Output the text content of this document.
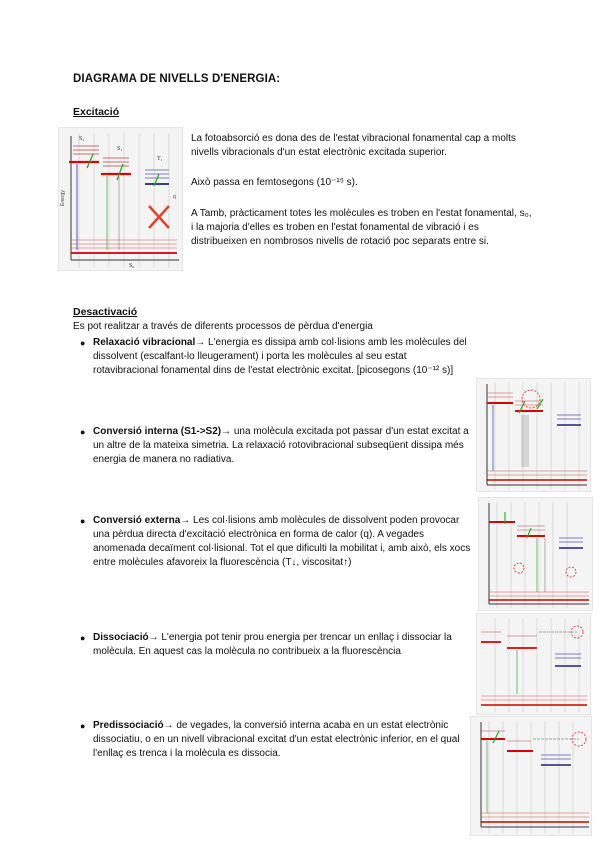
DIAGRAMA DE NIVELLS D'ENERGIA:
Excitació
Energy
S₂
S₁
T₁
q
S₀
La fotoabsorció es dona des de l'estat vibracional fonamental cap a molts nivells vibracionals d'un estat electrònic excitada superior.
Això passa en femtosegons (10⁻¹⁵ s).
A Tamb, pràcticament totes les molècules es troben en l'estat fonamental, s₀, i la majoria d'elles es troben en l'estat fonamental de vibració i es distribueixen en nombrosos nivells de rotació poc separats entre si.
Desactivació
Es pot realitzar a través de diferents processos de pèrdua d'energia
● Relaxació vibracional→ L'energia es dissipa amb col·lisions amb les molècules del dissolvent (escalfant-lo lleugerament) i porta les molècules al seu estat rotavibracional fonamental dins de l'estat electrònic excitat. [picosegons (10⁻¹² s)]
● Conversió interna (S1->S2)→ una molècula excitada pot passar d'un estat excitat a un altre de la mateixa simetria. La relaxació rotovibracional subseqüent dissipa més energia de manera no radiativa.
● Conversió externa→ Les col·lisions amb molècules de dissolvent poden provocar una pèrdua directa d'excitació electrònica en forma de calor (q). A vegades anomenada decaïment col·lisional. Tot el que dificulti la mobilitat i, amb això, els xocs entre molècules afavoreix la fluorescència (T↓, viscositat↑)
● Dissociació→ L'energia pot tenir prou energia per trencar un enllaç i dissociar la molècula. En aquest cas la molècula no contribueix a la fluorescència
● Predissociació→ de vegades, la conversió interna acaba en un estat electrònic dissociatiu, o en un nivell vibracional excitat d'un estat electrònic inferior, en el qual l'enllaç es trenca i la molècula es dissocia.
